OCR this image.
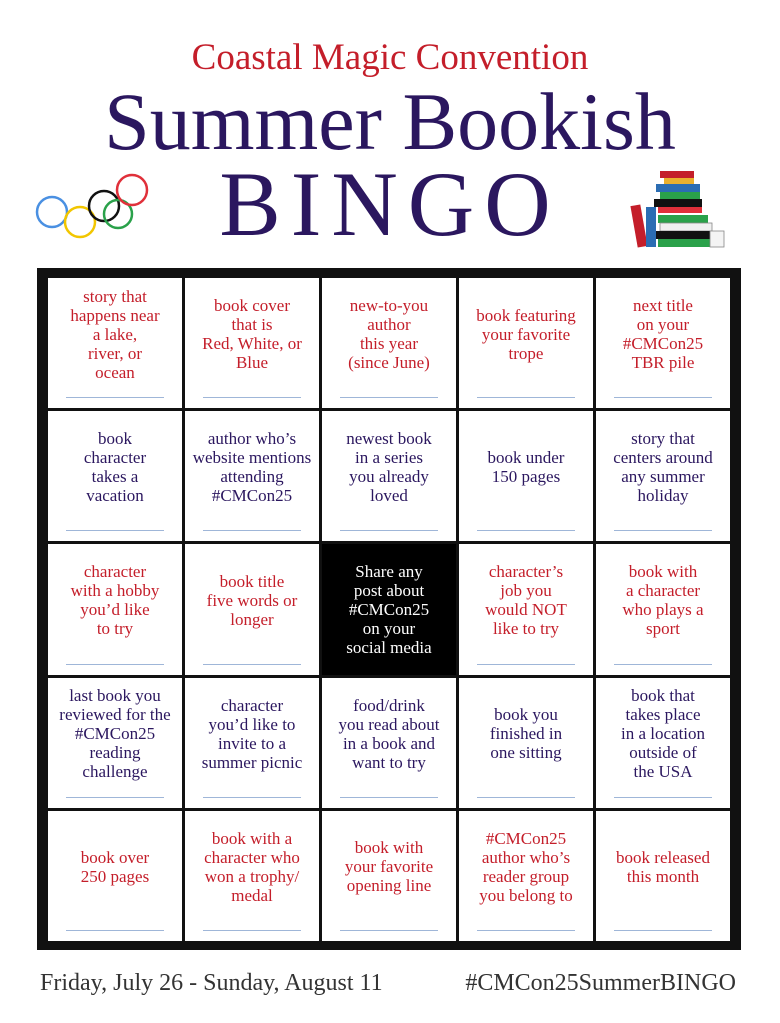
Coastal Magic Convention
Summer Bookish
BINGO
story that
happens near
a lake,
river, or
ocean
book cover
that is
Red, White, or
Blue
new-to-you
author
this year
(since June)
book featuring
your favorite
trope
next title
on your
#CMCon25
TBR pile
book
character
takes a
vacation
author who’s
website mentions
attending
#CMCon25
newest book
in a series
you already
loved
book under
150 pages
story that
centers around
any summer
holiday
character
with a hobby
you’d like
to try
book title
five words or
longer
Share any
post about
#CMCon25
on your
social media
character’s
job you
would NOT
like to try
book with
a character
who plays a
sport
last book you
reviewed for the
#CMCon25
reading
challenge
character
you’d like to
invite to a
summer picnic
food/drink
you read about
in a book and
want to try
book you
finished in
one sitting
book that
takes place
in a location
outside of
the USA
book over
250 pages
book with a
character who
won a trophy/
medal
book with
your favorite
opening line
#CMCon25
author who’s
reader group
you belong to
book released
this month
Friday, July 26 - Sunday, August 11	#CMCon25SummerBINGO
